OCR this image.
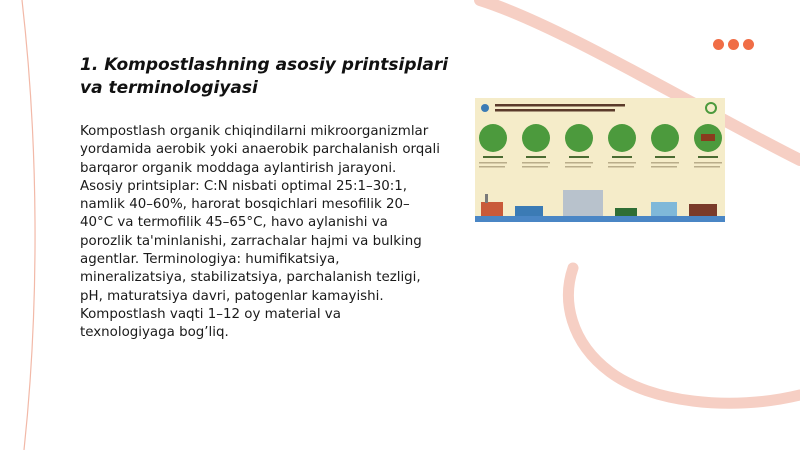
1. Kompostlashning asosiy printsiplari va terminologiyasi

Kompostlash organik chiqindilarni mikroorganizmlar yordamida aerobik yoki anaerobik parchalanish orqali barqaror organik moddaga aylantirish jarayoni. Asosiy printsiplar: C:N nisbati optimal 25:1–30:1, namlik 40–60%, harorat bosqichlari mesofilik 20–40°C va termofilik 45–65°C, havo aylanishi va porozlik ta'minlanishi, zarrachalar hajmi va bulking agentlar. Terminologiya: humifikatsiya, mineralizatsiya, stabilizatsiya, parchalanish tezligi, pH, maturatsiya davri, patogenlar kamayishi. Kompostlash vaqti 1–12 oy material va texnologiyaga bog’liq.
